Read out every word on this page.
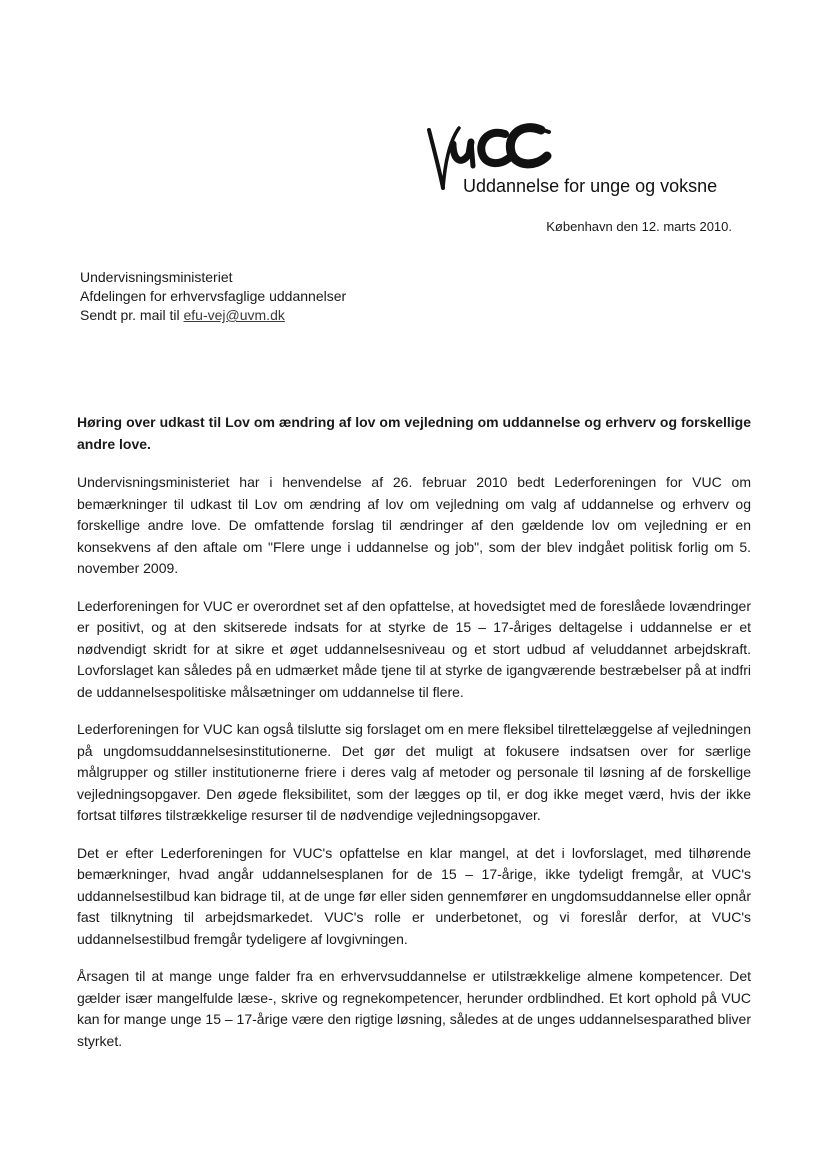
Uddannelse for unge og voksne
København den 12. marts 2010.
Undervisningsministeriet
Afdelingen for erhvervsfaglige uddannelser
Sendt pr. mail til efu-vej@uvm.dk

Høring over udkast til Lov om ændring af lov om vejledning om uddannelse og erhverv og forskellige andre love.

Undervisningsministeriet har i henvendelse af 26. februar 2010 bedt Lederforeningen for VUC om bemærkninger til udkast til Lov om ændring af lov om vejledning om valg af uddannelse og erhverv og forskellige andre love. De omfattende forslag til ændringer af den gældende lov om vejledning er en konsekvens af den aftale om "Flere unge i uddannelse og job", som der blev indgået politisk forlig om 5. november 2009.

Lederforeningen for VUC er overordnet set af den opfattelse, at hovedsigtet med de foreslåede lovændringer er positivt, og at den skitserede indsats for at styrke de 15 – 17-åriges deltagelse i uddannelse er et nødvendigt skridt for at sikre et øget uddannelsesniveau og et stort udbud af veluddannet arbejdskraft. Lovforslaget kan således på en udmærket måde tjene til at styrke de igangværende bestræbelser på at indfri de uddannelsespolitiske målsætninger om uddannelse til flere.

Lederforeningen for VUC kan også tilslutte sig forslaget om en mere fleksibel tilrettelæggelse af vejledningen på ungdomsuddannelsesinstitutionerne. Det gør det muligt at fokusere indsatsen over for særlige målgrupper og stiller institutionerne friere i deres valg af metoder og personale til løsning af de forskellige vejledningsopgaver. Den øgede fleksibilitet, som der lægges op til, er dog ikke meget værd, hvis der ikke fortsat tilføres tilstrækkelige resurser til de nødvendige vejledningsopgaver.

Det er efter Lederforeningen for VUC's opfattelse en klar mangel, at det i lovforslaget, med tilhørende bemærkninger, hvad angår uddannelsesplanen for de 15 – 17-årige, ikke tydeligt fremgår, at VUC's uddannelsestilbud kan bidrage til, at de unge før eller siden gennemfører en ungdomsuddannelse eller opnår fast tilknytning til arbejdsmarkedet. VUC's rolle er underbetonet, og vi foreslår derfor, at VUC's uddannelsestilbud fremgår tydeligere af lovgivningen.

Årsagen til at mange unge falder fra en erhvervsuddannelse er utilstrækkelige almene kompetencer. Det gælder især mangelfulde læse-, skrive og regnekompetencer, herunder ordblindhed. Et kort ophold på VUC kan for mange unge 15 – 17-årige være den rigtige løsning, således at de unges uddannelsesparathed bliver styrket.
